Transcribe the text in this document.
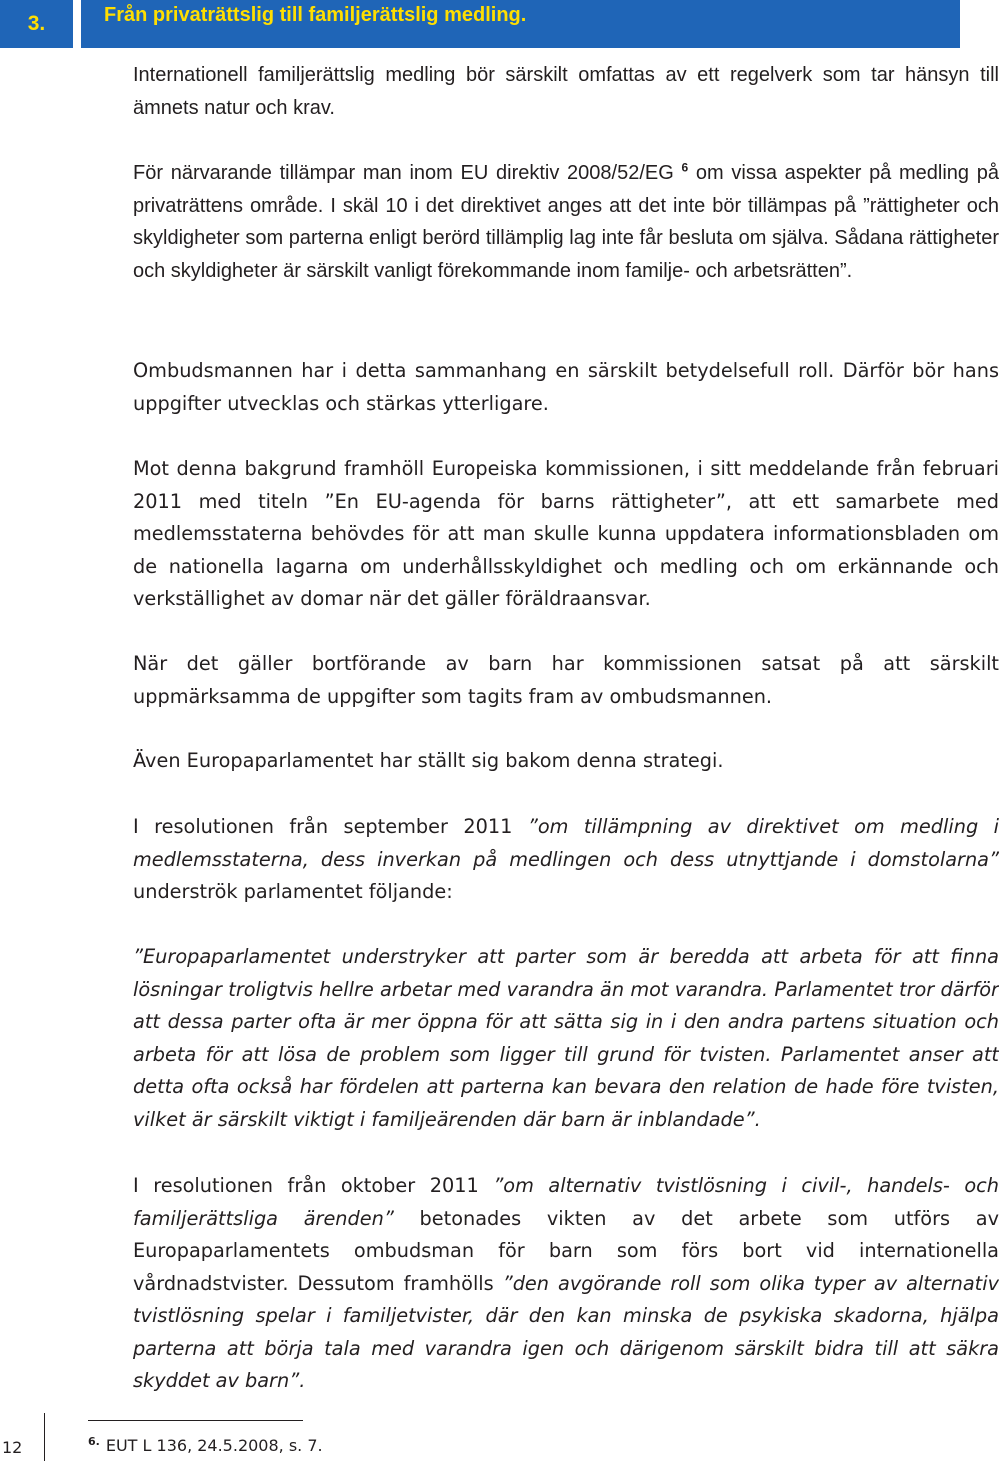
3.	Från privaträttslig till familjerättslig medling.

Internationell familjerättslig medling bör särskilt omfattas av ett regelverk som tar hänsyn till ämnets natur och krav.

För närvarande tillämpar man inom EU direktiv 2008/52/EG $^6$ om vissa aspekter på medling på privaträttens område. I skäl 10 i det direktivet anges att det inte bör tillämpas på ”rättigheter och skyldigheter som parterna enligt berörd tillämplig lag inte får besluta om själva. Sådana rättigheter och skyldigheter är särskilt vanligt förekommande inom familje- och arbetsrätten”.

Ombudsmannen har i detta sammanhang en särskilt betydelsefull roll. Därför bör hans uppgifter utvecklas och stärkas ytterligare.

Mot denna bakgrund framhöll Europeiska kommissionen, i sitt meddelande från februari 2011 med titeln ”En EU-agenda för barns rättigheter”, att ett samarbete med medlemsstaterna behövdes för att man skulle kunna uppdatera informationsbladen om de nationella lagarna om underhållsskyldighet och medling och om erkännande och verkställighet av domar när det gäller föräldraansvar.

När det gäller bortförande av barn har kommissionen satsat på att särskilt uppmärksamma de uppgifter som tagits fram av ombudsmannen.

Även Europaparlamentet har ställt sig bakom denna strategi.

I resolutionen från september 2011 ”om tillämpning av direktivet om medling i medlemsstaterna, dess inverkan på medlingen och dess utnyttjande i domstolarna” underströk parlamentet följande:

”Europaparlamentet understryker att parter som är beredda att arbeta för att finna lösningar troligtvis hellre arbetar med varandra än mot varandra. Parlamentet tror därför att dessa parter ofta är mer öppna för att sätta sig in i den andra partens situation och arbeta för att lösa de problem som ligger till grund för tvisten. Parlamentet anser att detta ofta också har fördelen att parterna kan bevara den relation de hade före tvisten, vilket är särskilt viktigt i familjeärenden där barn är inblandade”.

I resolutionen från oktober 2011 ”om alternativ tvistlösning i civil-, handels- och familjerättsliga ärenden” betonades vikten av det arbete som utförs av Europaparlamentets ombudsman för barn som förs bort vid internationella vårdnadstvister. Dessutom framhölls ”den avgörande roll som olika typer av alternativ tvistlösning spelar i familjetvister, där den kan minska de psykiska skadorna, hjälpa parterna att börja tala med varandra igen och därigenom särskilt bidra till att säkra skyddet av barn”.

$^{6.}$ EUT L 136, 24.5.2008, s. 7.
12
